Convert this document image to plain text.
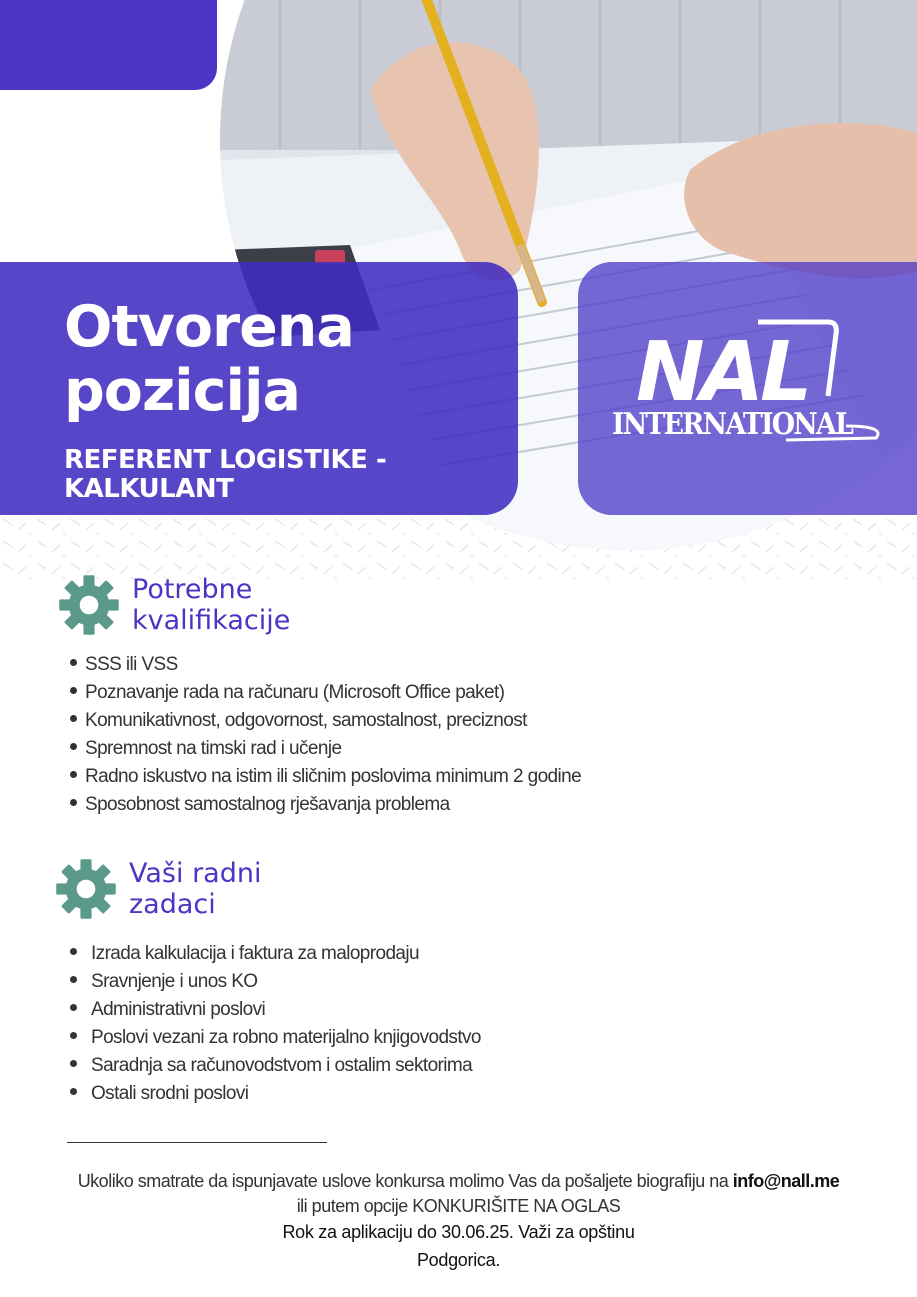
Otvorena pozicija
REFERENT LOGISTIKE -KALKULANT
NAL
INTERNATIONAL
Potrebne kvalifikacije
SSS ili VSS
Poznavanje rada na računaru (Microsoft Office paket)
Komunikativnost, odgovornost, samostalnost, preciznost
Spremnost na timski rad i učenje
Radno iskustvo na istim ili sličnim poslovima minimum 2 godine
Sposobnost samostalnog rješavanja problema
Vaši radni zadaci
Izrada kalkulacija i faktura za maloprodaju
Sravnjenje i unos KO
Administrativni poslovi
Poslovi vezani za robno materijalno knjigovodstvo
Saradnja sa računovodstvom i ostalim sektorima
Ostali srodni poslovi

Ukoliko smatrate da ispunjavate uslove konkursa molimo Vas da pošaljete biografiju na info@nall.me

ili putem opcije KONKURIŠITE NA OGLAS

Rok za aplikaciju do 30.06.25. Važi za opštinu Podgorica.
